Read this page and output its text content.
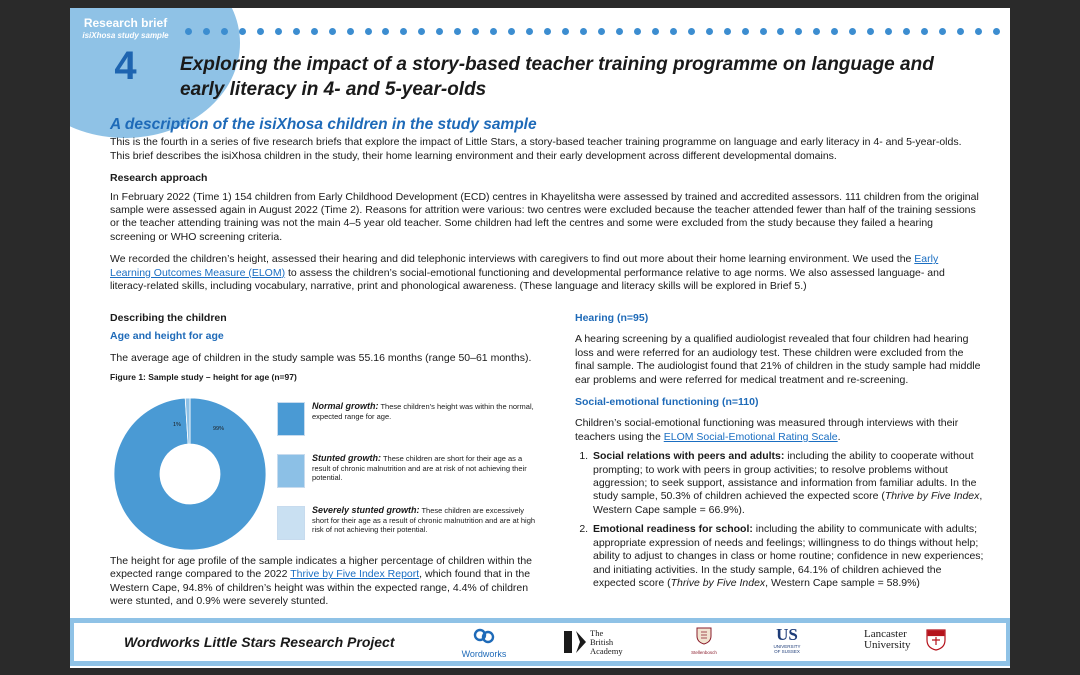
Research brief
isiXhosa study sample
4	Exploring the impact of a story-based teacher training programme on language and early literacy in 4- and 5-year-olds
A description of the isiXhosa children in the study sample

This is the fourth in a series of five research briefs that explore the impact of Little Stars, a story-based teacher training programme on language and early literacy in 4- and 5-year-olds. This brief describes the isiXhosa children in the study, their home learning environment and their early development across different developmental domains.

Research approach

In February 2022 (Time 1) 154 children from Early Childhood Development (ECD) centres in Khayelitsha were assessed by trained and accredited assessors. 111 children from the original sample were assessed again in August 2022 (Time 2). Reasons for attrition were various: two centres were excluded because the teacher attended fewer than half of the training sessions or the teacher attending training was not the main 4–5 year old teacher. Some children had left the centres and some were excluded from the study because they failed a hearing screening or WHO screening criteria.

We recorded the children’s height, assessed their hearing and did telephonic interviews with caregivers to find out more about their home learning environment. We used the Early Learning Outcomes Measure (ELOM) to assess the children’s social-emotional functioning and developmental performance relative to age norms. We also assessed language- and literacy-related skills, including vocabulary, narrative, print and phonological awareness. (These language and literacy skills will be explored in Brief 5.)

Describing the children
Age and height for age
The average age of children in the study sample was 55.16 months (range 50–61 months).
Figure 1: Sample study – height for age (n=97)
99%
1%
Normal growth: These children’s height was within the normal, expected range for age.
Stunted growth: These children are short for their age as a result of chronic malnutrition and are at risk of not achieving their potential.
Severely stunted growth: These children are excessively short for their age as a result of chronic malnutrition and are at high risk of not achieving their potential.
The height for age profile of the sample indicates a higher percentage of children within the expected range compared to the 2022 Thrive by Five Index Report, which found that in the Western Cape, 94.8% of children’s height was within the expected range, 4.4% of children were stunted, and 0.9% were severely stunted.
Hearing (n=95)

A hearing screening by a qualified audiologist revealed that four children had hearing loss and were referred for an audiology test. These children were excluded from the final sample. The audiologist found that 21% of children in the study sample had middle ear problems and were referred for medical treatment and re-screening.

Social-emotional functioning (n=110)

Children’s social-emotional functioning was measured through interviews with their teachers using the ELOM Social-Emotional Rating Scale.

1. Social relations with peers and adults: including the ability to cooperate without prompting; to work with peers in group activities; to resolve problems without aggression; to seek support, assistance and information from familiar adults. In the study sample, 50.3% of children achieved the expected score (Thrive by Five Index, Western Cape sample = 66.9%).
2. Emotional readiness for school: including the ability to communicate with adults; appropriate expression of needs and feelings; willingness to do things without help; ability to adjust to changes in class or home routine; confidence in new experiences; and initiating activities. In the study sample, 64.1% of children achieved the expected score (Thrive by Five Index, Western Cape sample = 58.9%)
Wordworks Little Stars Research Project
Wordworks
The
British
Academy	Stellenbosch
US
UNIVERSITY
OF SUSSEX
Lancaster
University
